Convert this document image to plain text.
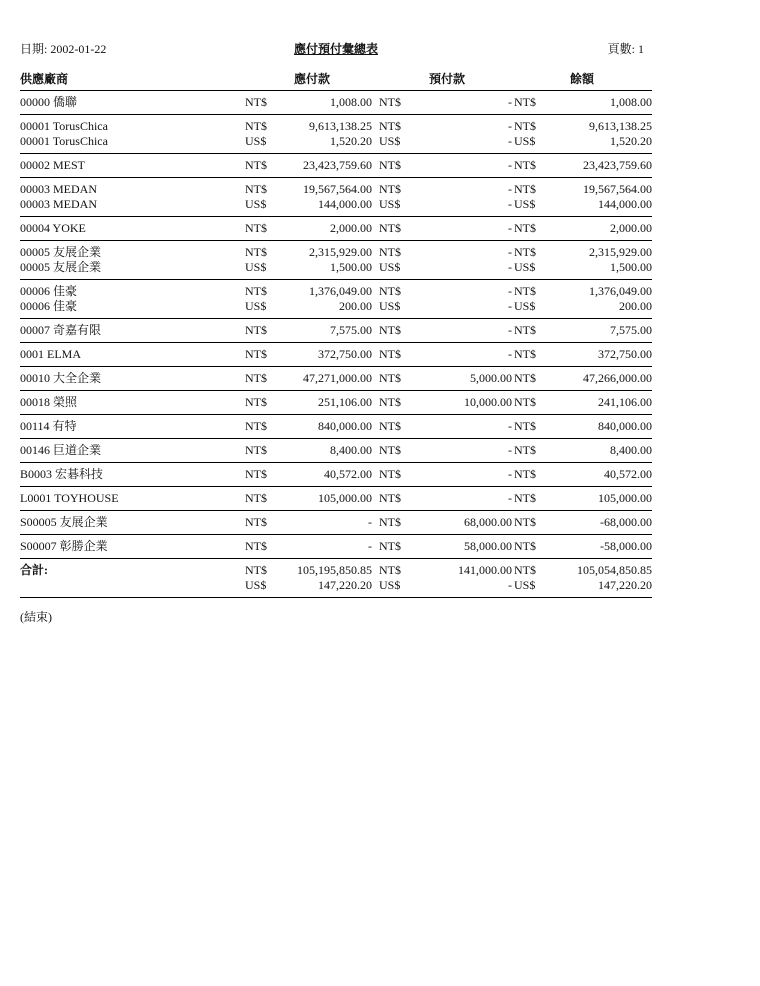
日期: 2002-01-22	應付預付彙總表	頁數: 1
供應廠商	應付款	預付款	餘額
00000 僑聯	NT$	1,008.00 NT$	- NT$	1,008.00
00001 TorusChica	NT$	9,613,138.25 NT$	- NT$	9,613,138.25
00001 TorusChica	US$	1,520.20 US$	- US$	1,520.20
00002 MEST	NT$	23,423,759.60 NT$	- NT$	23,423,759.60
00003 MEDAN	NT$	19,567,564.00 NT$	- NT$	19,567,564.00
00003 MEDAN	US$	144,000.00 US$	- US$	144,000.00
00004 YOKE	NT$	2,000.00 NT$	- NT$	2,000.00
00005 友展企業	NT$	2,315,929.00 NT$	- NT$	2,315,929.00
00005 友展企業	US$	1,500.00 US$	- US$	1,500.00
00006 佳豪	NT$	1,376,049.00 NT$	- NT$	1,376,049.00
00006 佳豪	US$	200.00 US$	- US$	200.00
00007 奇嘉有限	NT$	7,575.00 NT$	- NT$	7,575.00
0001 ELMA	NT$	372,750.00 NT$	- NT$	372,750.00
00010 大全企業	NT$	47,271,000.00 NT$	5,000.00 NT$	47,266,000.00
00018 榮照	NT$	251,106.00 NT$	10,000.00 NT$	241,106.00
00114 有特	NT$	840,000.00 NT$	- NT$	840,000.00
00146 巨道企業	NT$	8,400.00 NT$	- NT$	8,400.00
B0003 宏碁科技	NT$	40,572.00 NT$	- NT$	40,572.00
L0001 TOYHOUSE	NT$	105,000.00 NT$	- NT$	105,000.00
S00005 友展企業	NT$	- NT$	68,000.00 NT$	-68,000.00
S00007 彰勝企業	NT$	- NT$	58,000.00 NT$	-58,000.00
合計:	NT$	105,195,850.85 NT$	141,000.00 NT$	105,054,850.85
US$	147,220.20 US$	- US$	147,220.20
(結束)
